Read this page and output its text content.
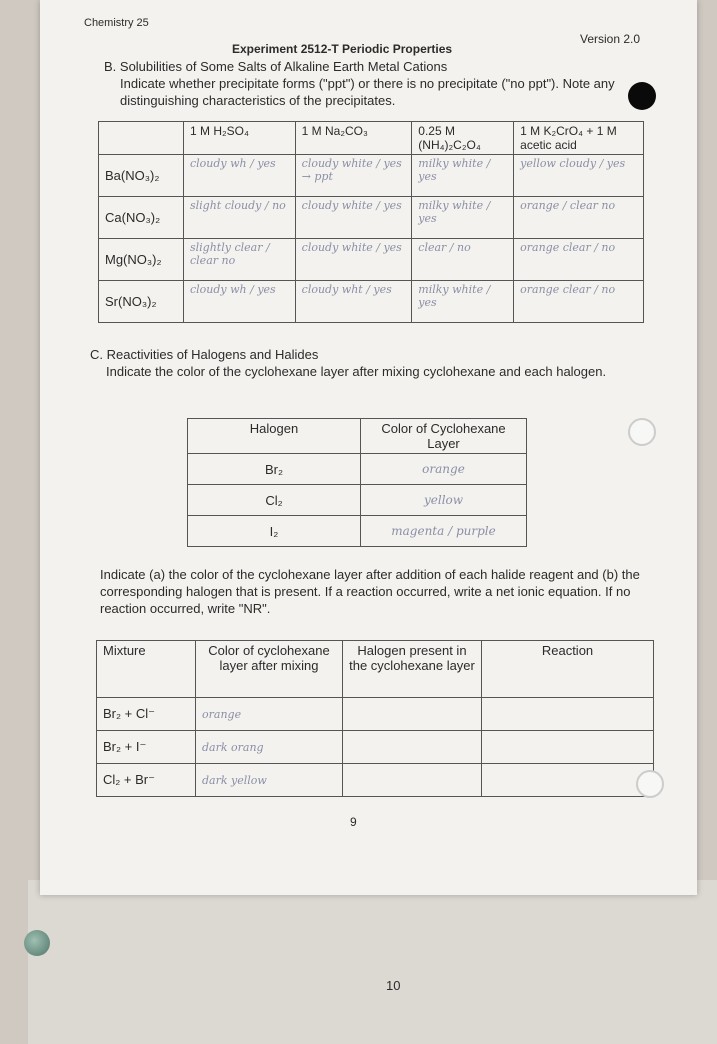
Chemistry 25
Version 2.0
Experiment 2512-T Periodic Properties
B. Solubilities of Some Salts of Alkaline Earth Metal Cations
Indicate whether precipitate forms ("ppt") or there is no precipitate ("no ppt"). Note any distinguishing characteristics of the precipitates.
	1 M H₂SO₄	1 M Na₂CO₃	0.25 M (NH₄)₂C₂O₄	1 M K₂CrO₄ + 1 M acetic acid
Ba(NO₃)₂	cloudy wh / yes	cloudy white / yes → ppt	milky white / yes	yellow cloudy / yes

Ca(NO₃)₂	slight cloudy / no	cloudy white / yes	milky white / yes	orange / clear no

Mg(NO₃)₂	slightly clear / clear no	cloudy white / yes	clear / no	orange clear / no

Sr(NO₃)₂	cloudy wh / yes	cloudy wht / yes	milky white / yes	orange clear / no
C. Reactivities of Halogens and Halides
Indicate the color of the cyclohexane layer after mixing cyclohexane and each halogen.
Halogen	Color of Cyclohexane Layer
Br₂	orange

Cl₂	yellow

I₂	magenta / purple
Indicate (a) the color of the cyclohexane layer after addition of each halide reagent and (b) the corresponding halogen that is present. If a reaction occurred, write a net ionic equation. If no reaction occurred, write "NR".
Mixture	Color of cyclohexane layer after mixing	Halogen present in the cyclohexane layer	Reaction
Br₂ + Cl⁻	orange		

Br₂ + I⁻	dark orang		

Cl₂ + Br⁻	dark yellow		

9
10
